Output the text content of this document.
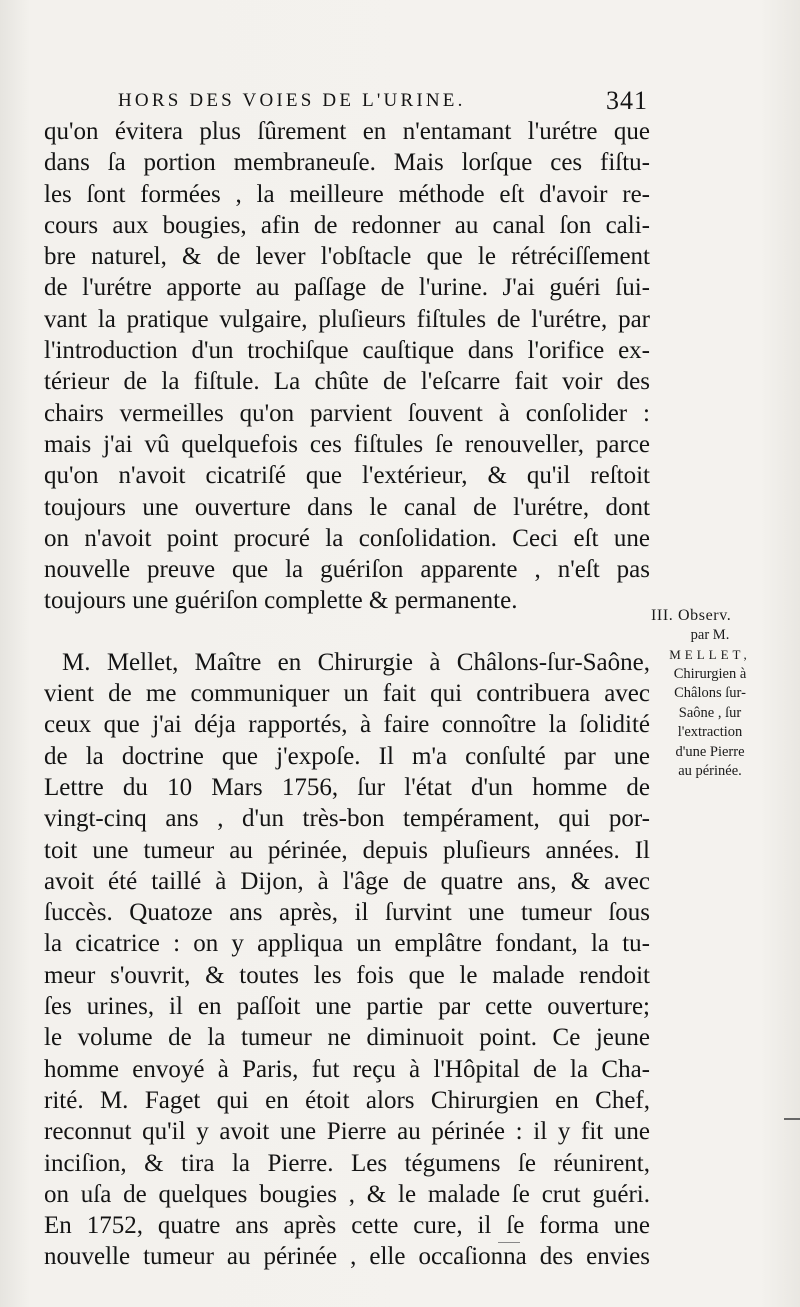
HORS DES VOIES DE L'URINE.	341

qu'on évitera plus ſûrement en n'entamant l'urétre que
dans ſa portion membraneuſe. Mais lorſque ces fiſtu-
les ſont formées , la meilleure méthode eſt d'avoir re-
cours aux bougies, afin de redonner au canal ſon cali-
bre naturel, & de lever l'obſtacle que le rétréciſſement
de l'urétre apporte au paſſage de l'urine. J'ai guéri ſui-
vant la pratique vulgaire, pluſieurs fiſtules de l'urétre, par
l'introduction d'un trochiſque cauſtique dans l'orifice ex-
térieur de la fiſtule. La chûte de l'eſcarre fait voir des
chairs vermeilles qu'on parvient ſouvent à conſolider :
mais j'ai vû quelquefois ces fiſtules ſe renouveller, parce
qu'on n'avoit cicatriſé que l'extérieur, & qu'il reſtoit
toujours une ouverture dans le canal de l'urétre, dont
on n'avoit point procuré la conſolidation. Ceci eſt une
nouvelle preuve que la guériſon apparente , n'eſt pas
toujours une guériſon complette & permanente.

M. Mellet, Maître en Chirurgie à Châlons-ſur-Saône,
vient de me communiquer un fait qui contribuera avec
ceux que j'ai déja rapportés, à faire connoître la ſolidité
de la doctrine que j'expoſe. Il m'a conſulté par une
Lettre du 10 Mars 1756, ſur l'état d'un homme de
vingt-cinq ans , d'un très-bon tempérament, qui por-
toit une tumeur au périnée, depuis pluſieurs années. Il
avoit été taillé à Dijon, à l'âge de quatre ans, & avec
ſuccès. Quatoze ans après, il ſurvint une tumeur ſous
la cicatrice : on y appliqua un emplâtre fondant, la tu-
meur s'ouvrit, & toutes les fois que le malade rendoit
ſes urines, il en paſſoit une partie par cette ouverture;
le volume de la tumeur ne diminuoit point. Ce jeune
homme envoyé à Paris, fut reçu à l'Hôpital de la Cha-
rité. M. Faget qui en étoit alors Chirurgien en Chef,
reconnut qu'il y avoit une Pierre au périnée : il y fit une
inciſion, & tira la Pierre. Les tégumens ſe réunirent,
on uſa de quelques bougies , & le malade ſe crut guéri.
En 1752, quatre ans après cette cure, il ſe forma une
nouvelle tumeur au périnée , elle occaſionna des envies

III. Observ.
par M.
MELLET,
Chirurgien à
Châlons ſur-
Saône , ſur
l'extraction
d'une Pierre
au périnée.
